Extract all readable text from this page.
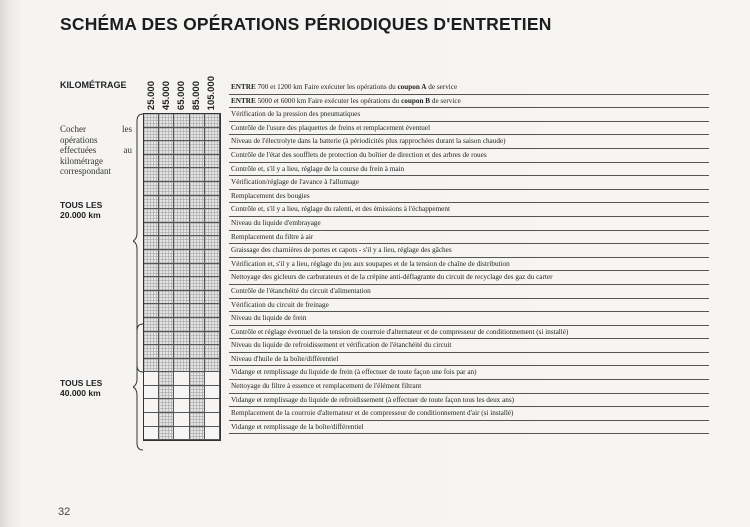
SCHÉMA DES OPÉRATIONS PÉRIODIQUES D'ENTRETIEN
KILOMÉTRAGE 25.000 45.000 65.000 85.000 105.000
Cocher les opérations effectuées au kilométrage correspondant
TOUS LES
20.000 km
TOUS LES
40.000 km
ENTRE 700 et 1200 km Faire exécuter les opérations du coupon A de service
ENTRE 5000 et 6000 km Faire exécuter les opérations du coupon B de service
Vérification de la pression des pneumatiques
Contrôle de l'usure des plaquettes de freins et remplacement éventuel
Niveau de l'électrolyte dans la batterie (à périodicités plus rapprochées durant la saison chaude)
Contrôle de l'état des soufflets de protection du boîtier de direction et des arbres de roues
Contrôle et, s'il y a lieu, réglage de la course du frein à main
Vérification/réglage de l'avance à l'allumage
Remplacement des bougies
Contrôle et, s'il y a lieu, réglage du ralenti, et des émissions à l'échappement
Niveau du liquide d'embrayage
Remplacement du filtre à air
Graissage des charnières de portes et capots - s'il y a lieu, réglage des gâches
Vérification et, s'il y a lieu, réglage du jeu aux soupapes et de la tension de chaîne de distribution
Nettoyage des gicleurs de carburateurs et de la crépine anti-déflagrante du circuit de recyclage des gaz du carter
Contrôle de l'étanchéité du circuit d'alimentation
Vérification du circuit de freinage
Niveau du liquide de frein
Contrôle et réglage éventuel de la tension de courroie d'alternateur et de compresseur de conditionnement (si installé)
Niveau du liquide de refroidissement et vérification de l'étanchéité du circuit
Niveau d'huile de la boîte/différentiel
Vidange et remplissage du liquide de frein (à effectuer de toute façon une fois par an)
Nettoyage du filtre à essence et remplacement de l'élément filtrant
Vidange et remplissage du liquide de refroidissement (à effectuer de toute façon tous les deux ans)
Remplacement de la courroie d'alternateur et de compresseur de conditionnement d'air (si installé)
Vidange et remplissage de la boîte/différentiel
32
